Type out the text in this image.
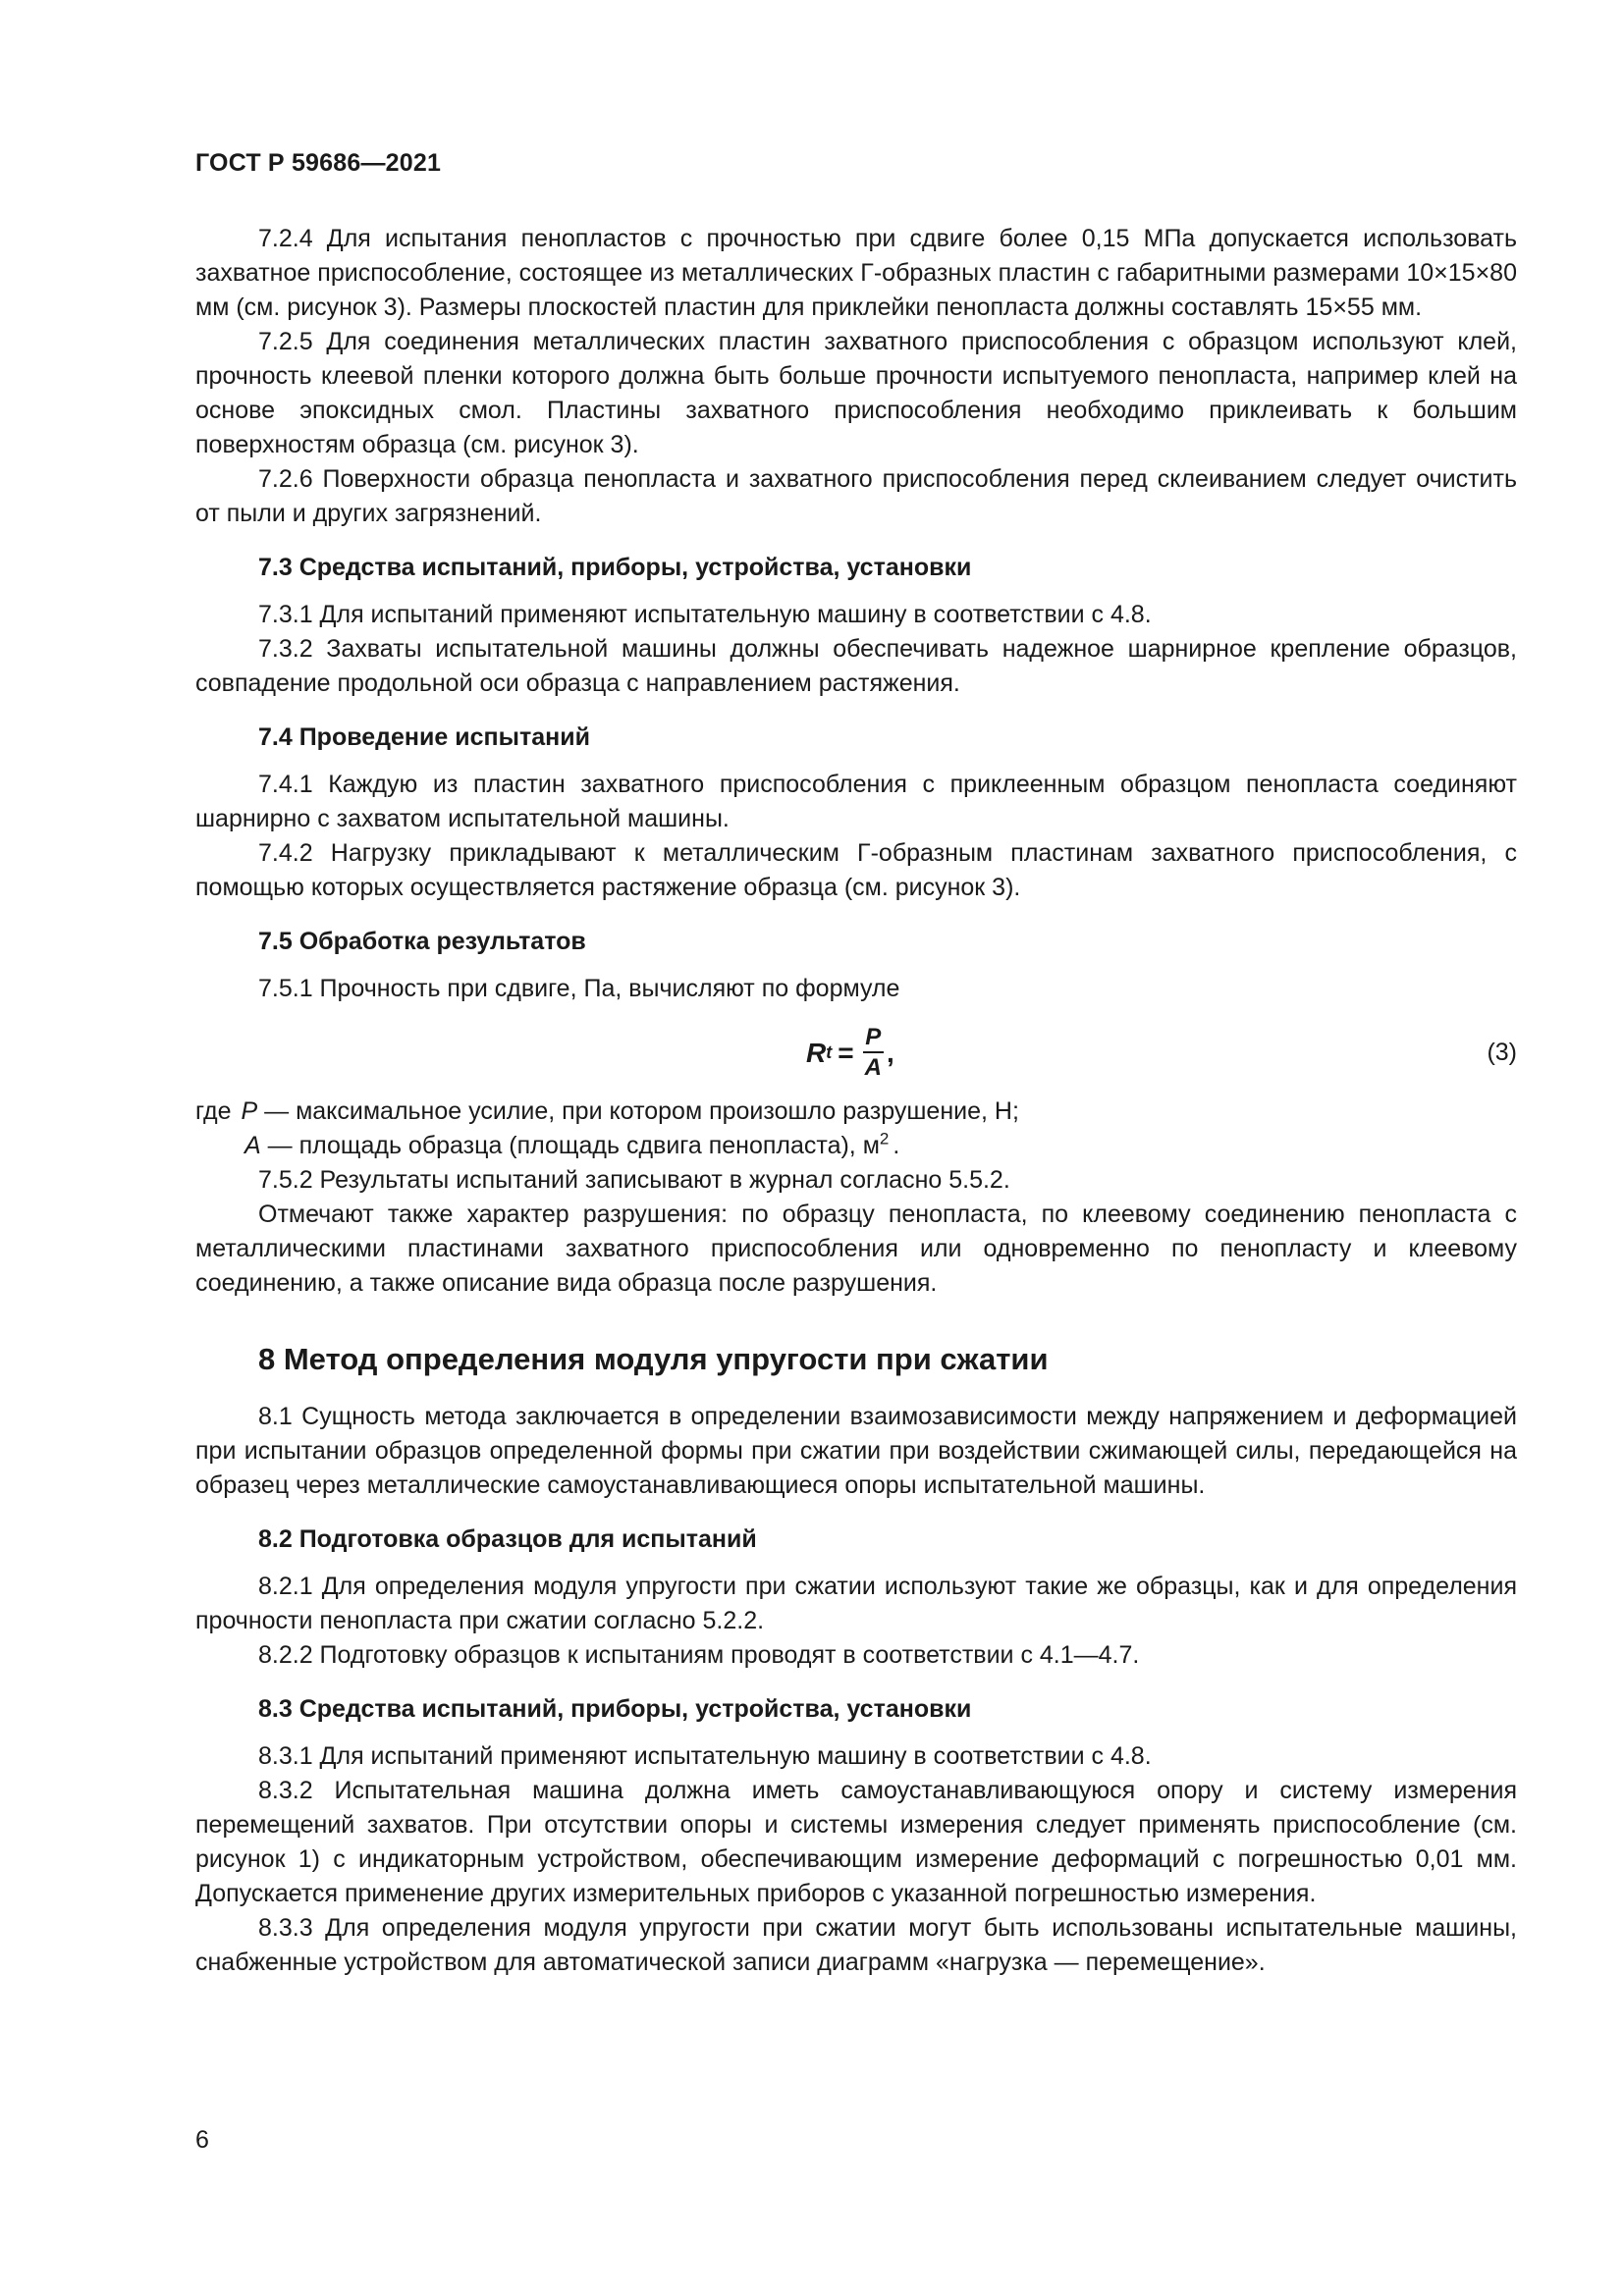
ГОСТ Р 59686—2021

7.2.4 Для испытания пенопластов с прочностью при сдвиге более 0,15 МПа допускается использовать захватное приспособление, состоящее из металлических Г-образных пластин с габаритными размерами 10×15×80 мм (см. рисунок 3). Размеры плоскостей пластин для приклейки пенопласта должны составлять 15×55 мм.

7.2.5 Для соединения металлических пластин захватного приспособления с образцом используют клей, прочность клеевой пленки которого должна быть больше прочности испытуемого пенопласта, например клей на основе эпоксидных смол. Пластины захватного приспособления необходимо приклеивать к большим поверхностям образца (см. рисунок 3).

7.2.6 Поверхности образца пенопласта и захватного приспособления перед склеиванием следует очистить от пыли и других загрязнений.

7.3 Средства испытаний, приборы, устройства, установки

7.3.1 Для испытаний применяют испытательную машину в соответствии с 4.8.

7.3.2 Захваты испытательной машины должны обеспечивать надежное шарнирное крепление образцов, совпадение продольной оси образца с направлением растяжения.

7.4 Проведение испытаний

7.4.1 Каждую из пластин захватного приспособления с приклеенным образцом пенопласта соединяют шарнирно с захватом испытательной машины.

7.4.2 Нагрузку прикладывают к металлическим Г-образным пластинам захватного приспособления, с помощью которых осуществляется растяжение образца (см. рисунок 3).

7.5 Обработка результатов

7.5.1 Прочность при сдвиге, Па, вычисляют по формуле

R $t = \frac{P}{A}$ ,	(3)

где P — максимальное усилие, при котором произошло разрушение, Н;

A — площадь образца (площадь сдвига пенопласта), $м^2$ .

7.5.2 Результаты испытаний записывают в журнал согласно 5.5.2.

Отмечают также характер разрушения: по образцу пенопласта, по клеевому соединению пенопласта с металлическими пластинами захватного приспособления или одновременно по пенопласту и клеевому соединению, а также описание вида образца после разрушения.

8 Метод определения модуля упругости при сжатии

8.1 Сущность метода заключается в определении взаимозависимости между напряжением и деформацией при испытании образцов определенной формы при сжатии при воздействии сжимающей силы, передающейся на образец через металлические самоустанавливающиеся опоры испытательной машины.

8.2 Подготовка образцов для испытаний

8.2.1 Для определения модуля упругости при сжатии используют такие же образцы, как и для определения прочности пенопласта при сжатии согласно 5.2.2.

8.2.2 Подготовку образцов к испытаниям проводят в соответствии с 4.1—4.7.

8.3 Средства испытаний, приборы, устройства, установки

8.3.1 Для испытаний применяют испытательную машину в соответствии с 4.8.

8.3.2 Испытательная машина должна иметь самоустанавливающуюся опору и систему измерения перемещений захватов. При отсутствии опоры и системы измерения следует применять приспособление (см. рисунок 1) с индикаторным устройством, обеспечивающим измерение деформаций с погрешностью 0,01 мм. Допускается применение других измерительных приборов с указанной погрешностью измерения.

8.3.3 Для определения модуля упругости при сжатии могут быть использованы испытательные машины, снабженные устройством для автоматической записи диаграмм «нагрузка — перемещение».

6
